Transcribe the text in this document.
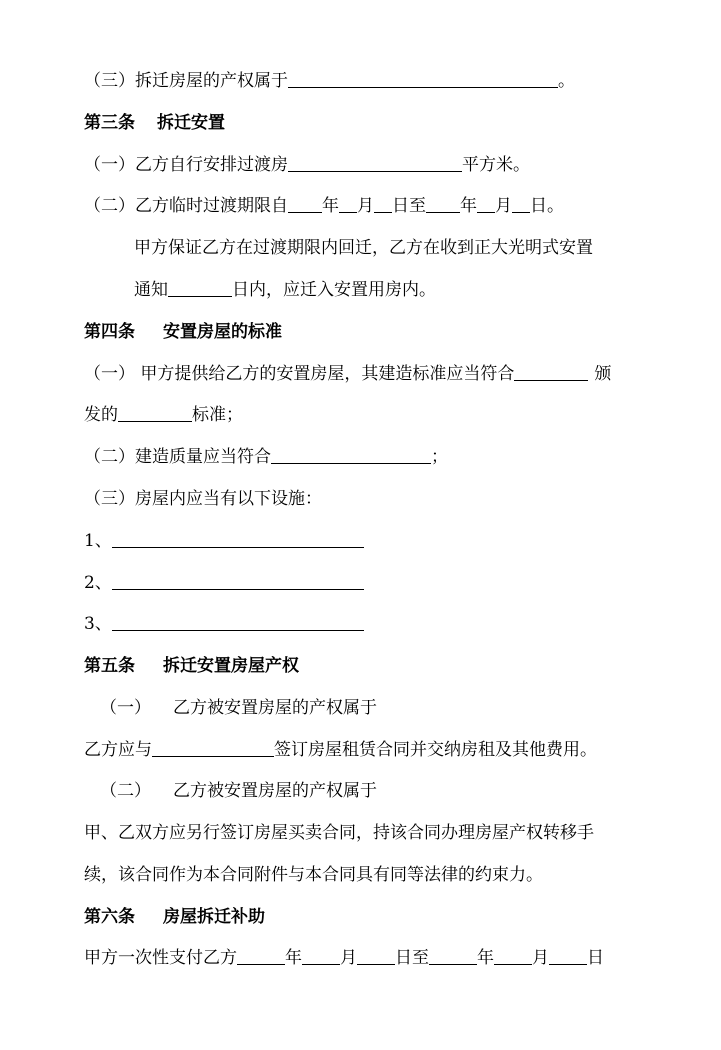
（三）拆迁房屋的产权属于	。
第三条 拆迁安置
（一）乙方自行安排过渡房	平方米。
（二）乙方临时过渡期限自 年 月 日至 年 月 日。
甲方保证乙方在过渡期限内回迁，乙方在收到正大光明式安置
通知	日内，应迁入安置用房内。
第四条 安置房屋的标准
（一） 甲方提供给乙方的安置房屋，其建造标准应当符合	颁
发的	标准；
（二）建造质量应当符合	；
（三）房屋内应当有以下设施：
1、
2、
3、
第五条 拆迁安置房屋产权
（一） 乙方被安置房屋的产权属于
乙方应与	签订房屋租赁合同并交纳房租及其他费用。
（二） 乙方被安置房屋的产权属于
甲、乙双方应另行签订房屋买卖合同，持该合同办理房屋产权转移手
续，该合同作为本合同附件与本合同具有同等法律的约束力。
第六条 房屋拆迁补助
甲方一次性支付乙方	年 月 日至	年 月 日
